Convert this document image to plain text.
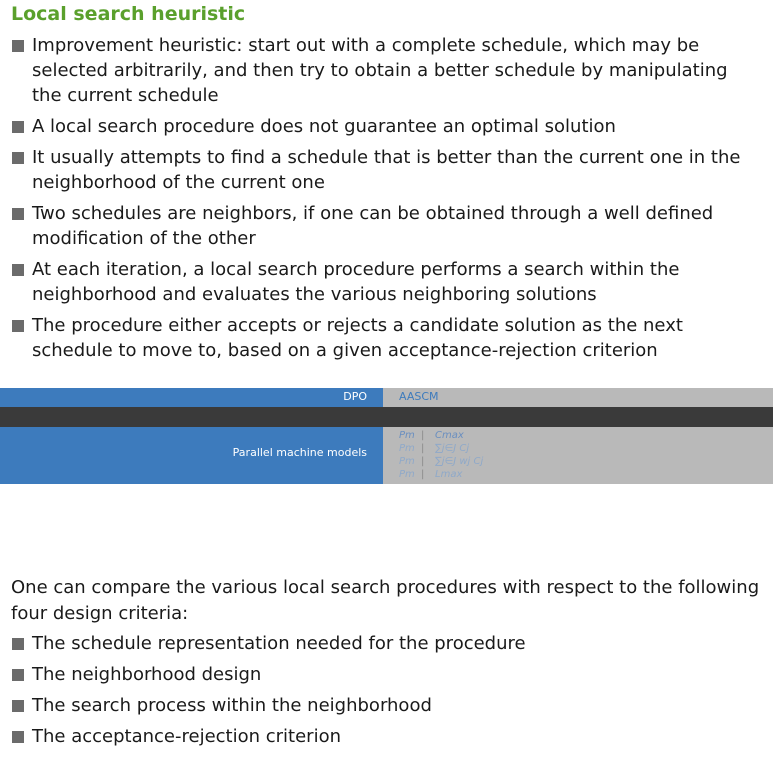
Local search heuristic
Improvement heuristic: start out with a complete schedule, which may be selected arbitrarily, and then try to obtain a better schedule by manipulating the current schedule
A local search procedure does not guarantee an optimal solution
It usually attempts to find a schedule that is better than the current one in the neighborhood of the current one
Two schedules are neighbors, if one can be obtained through a well defined modification of the other
At each iteration, a local search procedure performs a search within the neighborhood and evaluates the various neighboring solutions
The procedure either accepts or rejects a candidate solution as the next schedule to move to, based on a given acceptance-rejection criterion
DPO	AASCM
Parallel machine models
Pm |	Cmax
Pm |	∑j∈J Cj
Pm |	∑j∈J wj Cj
Pm |	Lmax

One can compare the various local search procedures with respect to the following four design criteria:

The schedule representation needed for the procedure
The neighborhood design
The search process within the neighborhood
The acceptance-rejection criterion
